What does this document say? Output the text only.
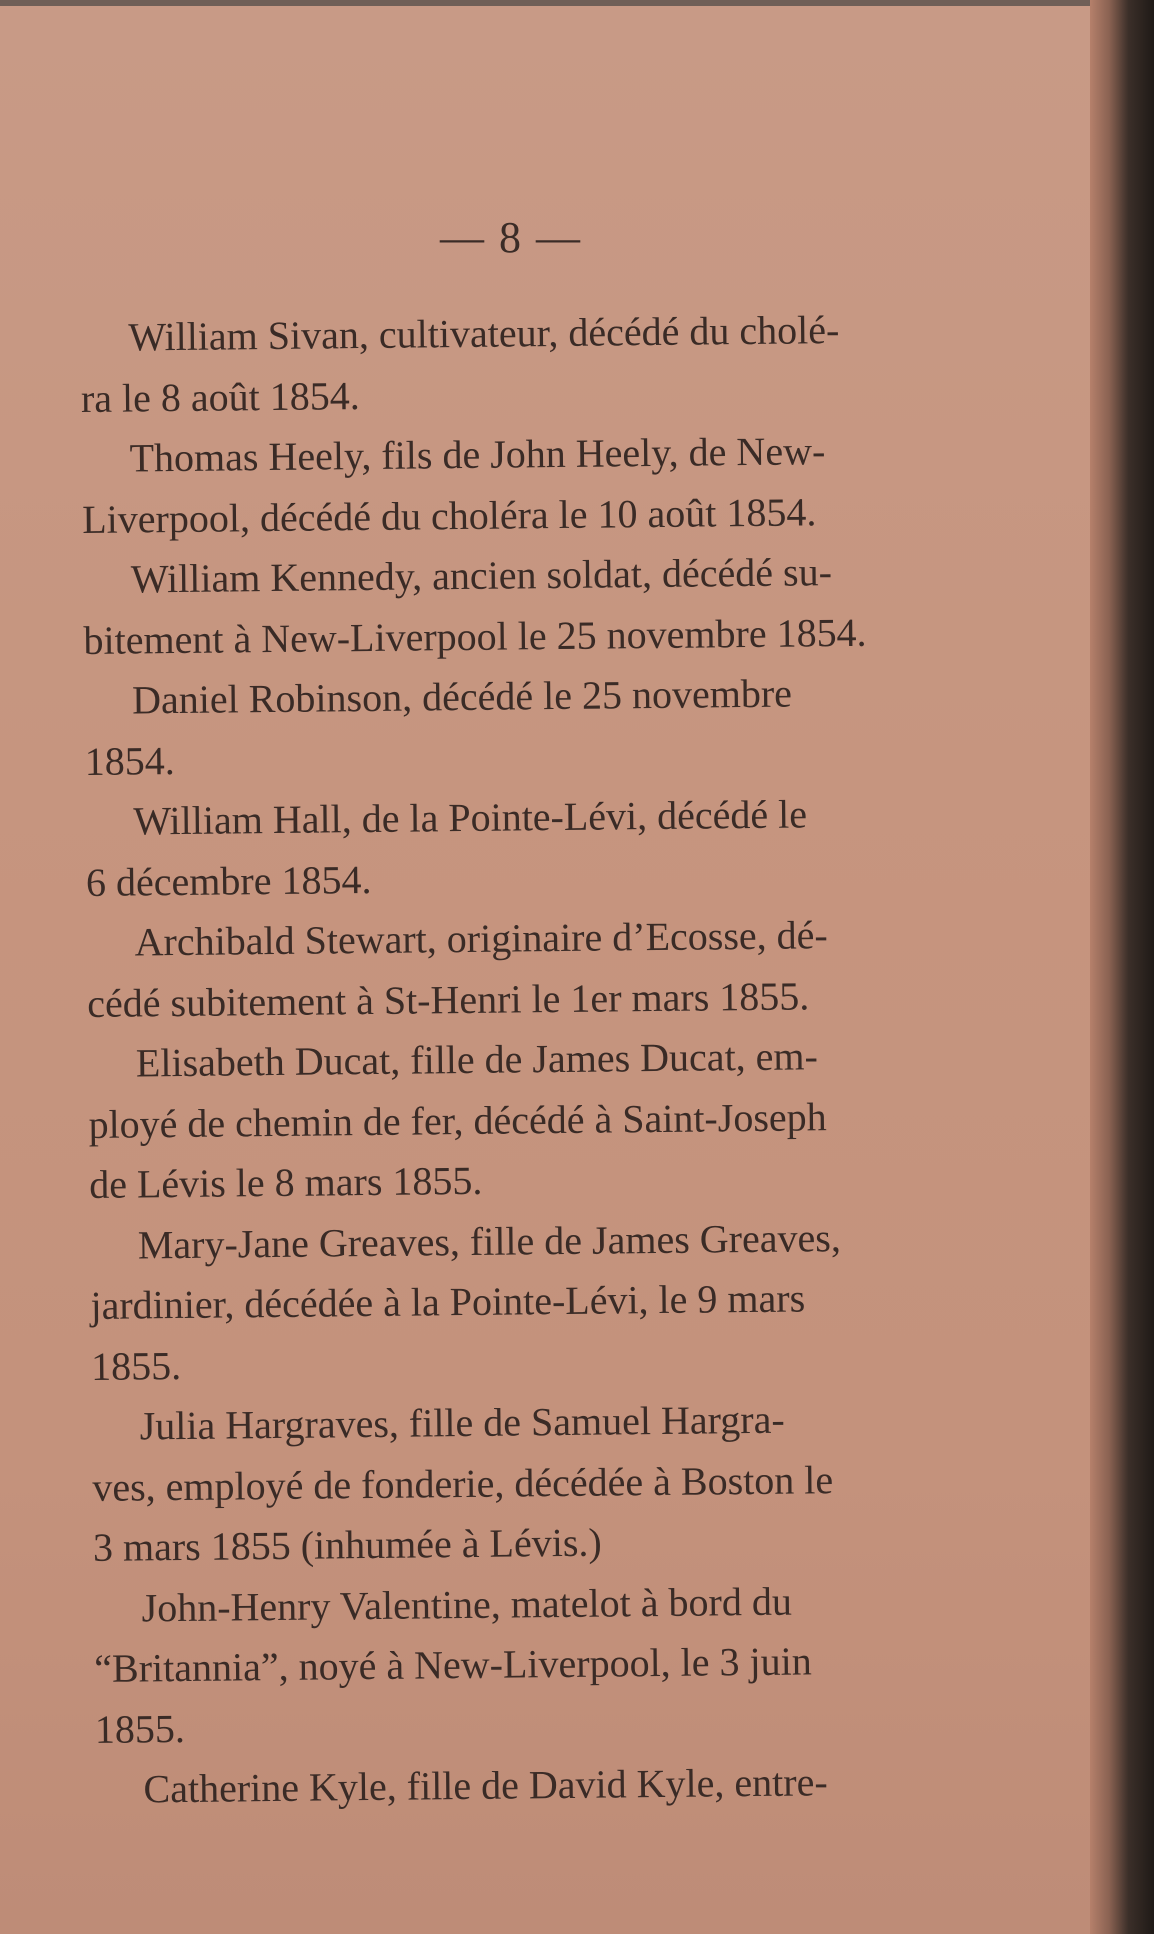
— 8 —
William Sivan, cultivateur, décédé du cholé-
ra le 8 août 1854.
Thomas Heely, fils de John Heely, de New-
Liverpool, décédé du choléra le 10 août 1854.
William Kennedy, ancien soldat, décédé su-
bitement à New-Liverpool le 25 novembre 1854.
Daniel Robinson, décédé le 25 novembre
1854.
William Hall, de la Pointe-Lévi, décédé le
6 décembre 1854.
Archibald Stewart, originaire d’Ecosse, dé-
cédé subitement à St-Henri le 1er mars 1855.
Elisabeth Ducat, fille de James Ducat, em-
ployé de chemin de fer, décédé à Saint-Joseph
de Lévis le 8 mars 1855.
Mary-Jane Greaves, fille de James Greaves,
jardinier, décédée à la Pointe-Lévi, le 9 mars
1855.
Julia Hargraves, fille de Samuel Hargra-
ves, employé de fonderie, décédée à Boston le
3 mars 1855 (inhumée à Lévis.)
John-Henry Valentine, matelot à bord du
“Britannia”, noyé à New-Liverpool, le 3 juin
1855.
Catherine Kyle, fille de David Kyle, entre-
